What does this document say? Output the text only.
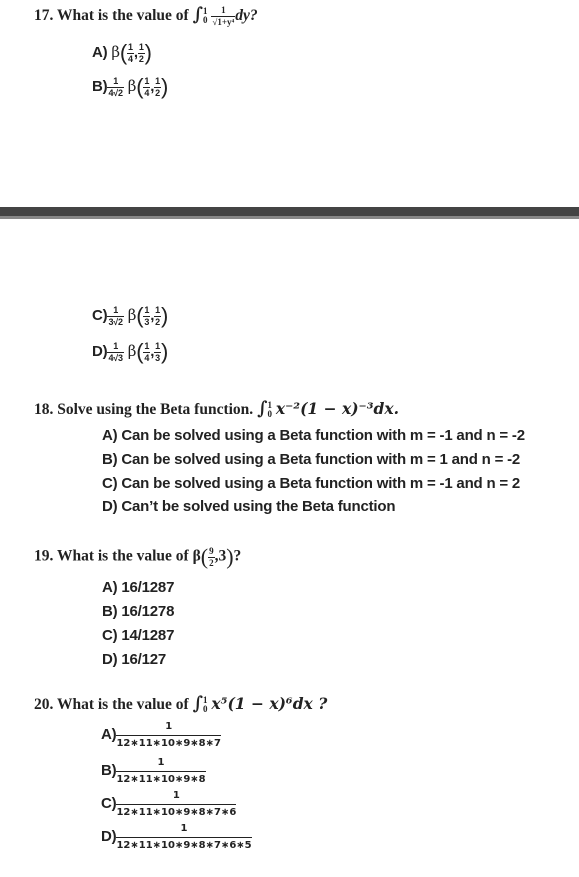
17. What is the value of ∫ 1
0
$\frac{1}{\text{√1+y⁴}}$ dy?
A) $\beta( \frac{1}{4}$ , $\frac{1}{2}$ )
$B) \frac{1}{4√2} \beta( \frac{1}{4}$ , $\frac{1}{2}$ )
$C) \frac{1}{3√2} \beta( \frac{1}{3}$ , $\frac{1}{2}$ )
$D) \frac{1}{4√3} \beta( \frac{1}{4}$ , $\frac{1}{3}$ )
18. Solve using the Beta function. ∫ 1
0 x⁻²(1 − x)⁻³dx.
A) Can be solved using a Beta function with m = -1 and n = -2
B) Can be solved using a Beta function with m = 1 and n = -2
C) Can be solved using a Beta function with m = -1 and n = 2
D) Can’t be solved using the Beta function
19. What is the value of $\beta( \frac{9}{2} ,3)$?
A) 16/1287
B) 16/1278
C) 14/1287
D) 16/127
20. What is the value of ∫ 1
0 x⁵(1 − x)⁶dx ?
$A) \frac{1}{12∗11∗10∗9∗8∗7}$
$B) \frac{1}{12∗11∗10∗9∗8}$
$C) \frac{1}{12∗11∗10∗9∗8∗7∗6}$
$D) \frac{1}{12∗11∗10∗9∗8∗7∗6∗5}$
